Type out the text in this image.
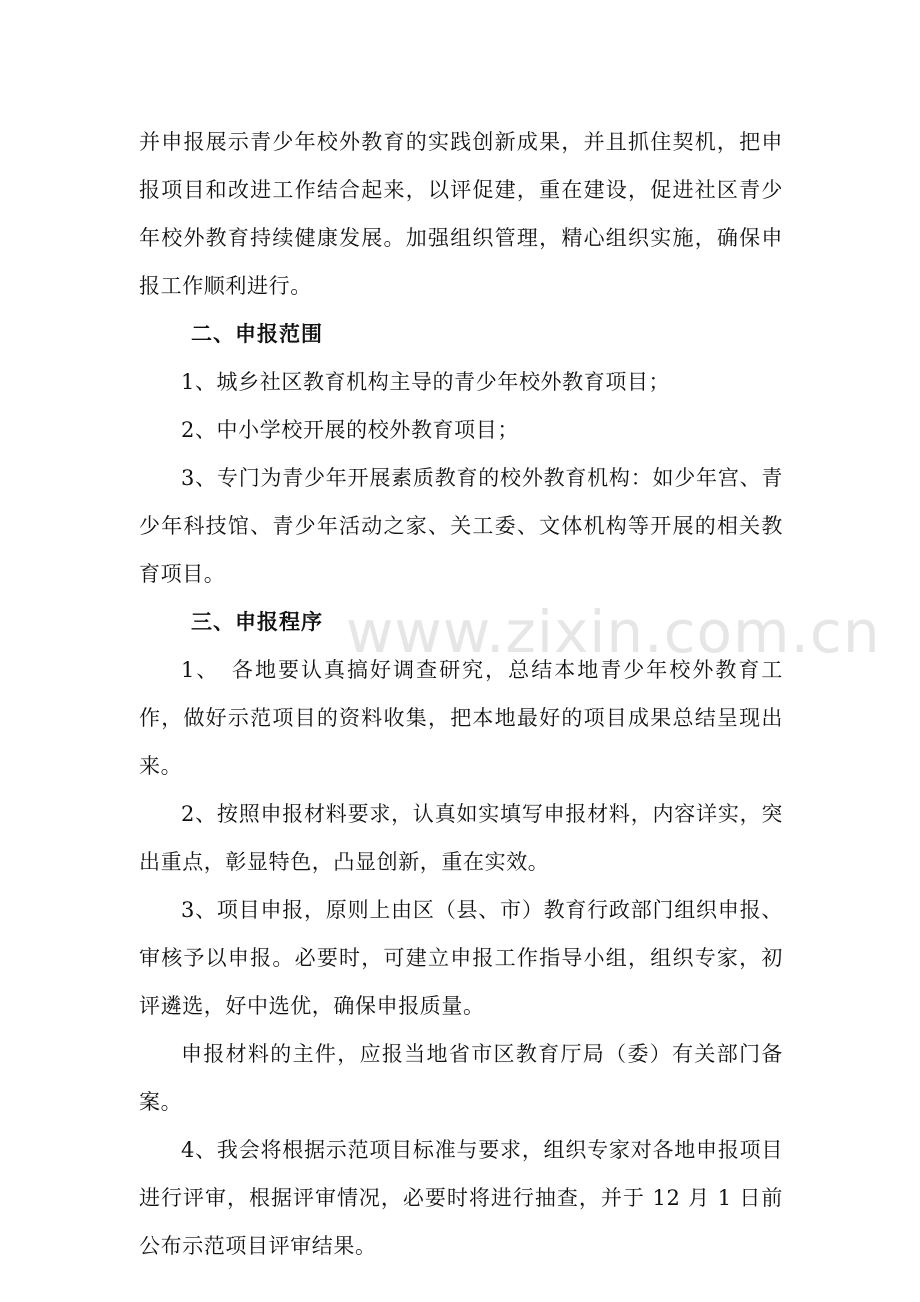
并申报展示青少年校外教育的实践创新成果，并且抓住契机，把申报项目和改进工作结合起来，以评促建，重在建设，促进社区青少年校外教育持续健康发展。加强组织管理，精心组织实施，确保申报工作顺利进行。

二、申报范围

1、城乡社区教育机构主导的青少年校外教育项目；

2、中小学校开展的校外教育项目；

3、专门为青少年开展素质教育的校外教育机构：如少年宫、青少年科技馆、青少年活动之家、关工委、文体机构等开展的相关教育项目。

三、申报程序

1、　各地要认真搞好调查研究，总结本地青少年校外教育工作，做好示范项目的资料收集，把本地最好的项目成果总结呈现出来。

2、按照申报材料要求，认真如实填写申报材料，内容详实，突出重点，彰显特色，凸显创新，重在实效。

3、项目申报，原则上由区（县、市）教育行政部门组织申报、审核予以申报。必要时，可建立申报工作指导小组，组织专家，初评遴选，好中选优，确保申报质量。

申报材料的主件，应报当地省市区教育厅局（委）有关部门备案。

4、我会将根据示范项目标准与要求，组织专家对各地申报项目进行评审，根据评审情况，必要时将进行抽查，并于 12 月 1 日前公布示范项目评审结果。

www.zixin.com.cn
